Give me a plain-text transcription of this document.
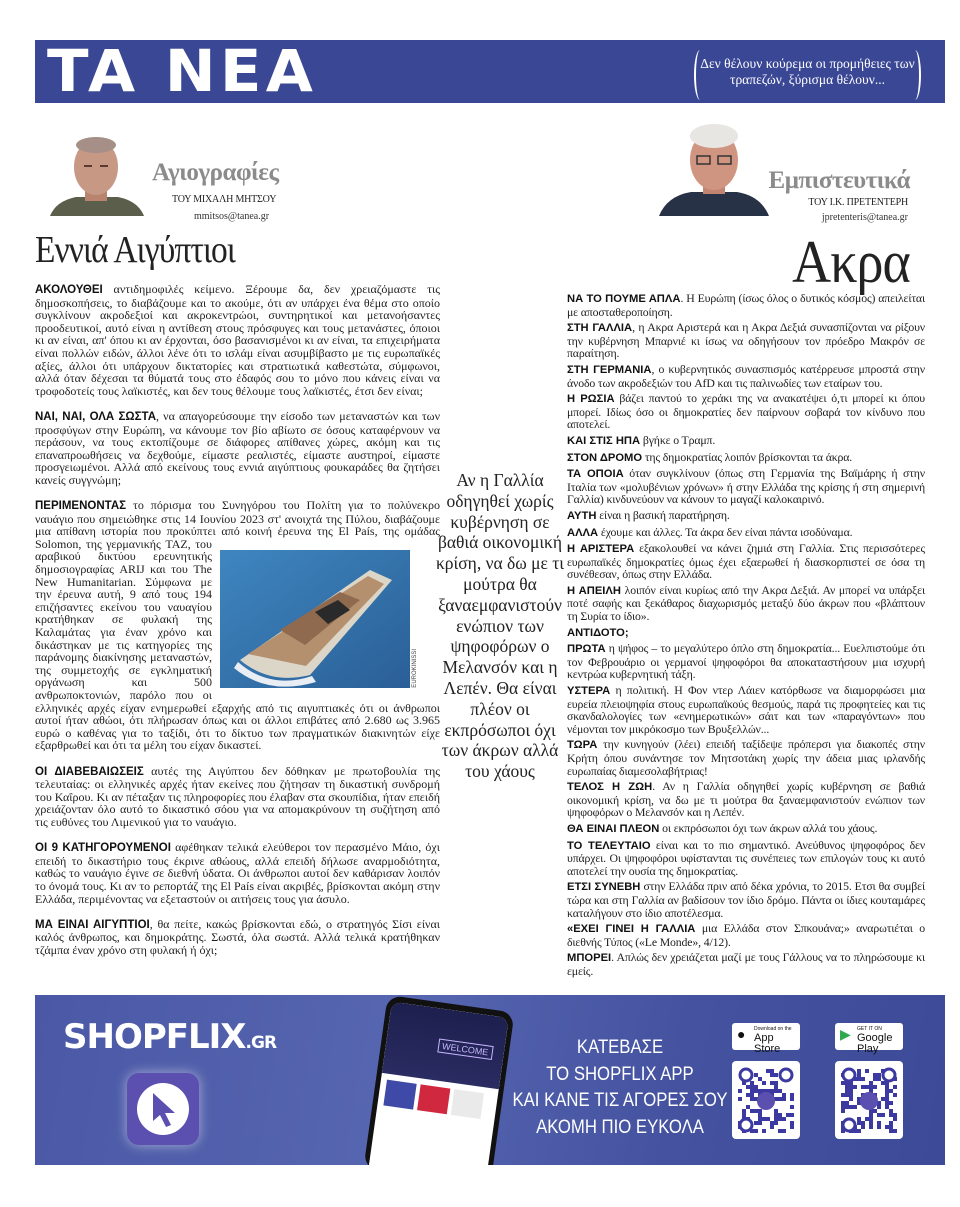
TA NEA	Δεν θέλουν κούρεμα οι προμήθειες των τραπεζών, ξύρισμα θέλουν...
Αγιογραφίες
ΤΟΥ ΜΙΧΑΛΗ ΜΗΤΣΟΥ
mmitsos@tanea.gr
Εννιά Αιγύπτιοι

ΑΚΟΛΟΥΘΕΙ αντιδημοφιλές κείμενο. Ξέρουμε δα, δεν χρειαζόμαστε τις δημοσκοπήσεις, το διαβάζουμε και το ακούμε, ότι αν υπάρχει ένα θέμα στο οποίο συγκλίνουν ακροδεξιοί και ακροκεντρώοι, συντηρητικοί και μετανοήσαντες προοδευτικοί, αυτό είναι η αντίθεση στους πρόσφυγες και τους μετανάστες, όποιοι κι αν είναι, απ' όπου κι αν έρχονται, όσο βασανισμένοι κι αν είναι, τα επιχειρήματα είναι πολλών ειδών, άλλοι λένε ότι το ισλάμ είναι ασυμβίβαστο με τις ευρωπαϊκές αξίες, άλλοι ότι υπάρχουν δικτατορίες και στρατιωτικά καθεστώτα, σύμφωνοι, αλλά όταν δέχεσαι τα θύματά τους στο έδαφός σου το μόνο που κάνεις είναι να τροφοδοτείς τους λαϊκιστές, και δεν τους θέλουμε τους λαϊκιστές, έτσι δεν είναι;

ΝΑΙ, ΝΑΙ, ΟΛΑ ΣΩΣΤΑ, να απαγορεύσουμε την είσοδο των μεταναστών και των προσφύγων στην Ευρώπη, να κάνουμε τον βίο αβίωτο σε όσους καταφέρνουν να περάσουν, να τους εκτοπίζουμε σε διάφορες απίθανες χώρες, ακόμη και τις επαναπροωθήσεις να δεχθούμε, είμαστε ρεαλιστές, είμαστε αυστηροί, είμαστε προσγειωμένοι. Αλλά από εκείνους τους εννιά αιγύπτιους φουκαράδες θα ζητήσει κανείς συγγνώμη;

ΠΕΡΙΜΕΝΟΝΤΑΣ το πόρισμα του Συνηγόρου του Πολίτη για το πολύνεκρο ναυάγιο που σημειώθηκε στις 14 Ιουνίου 2023 στ' ανοιχτά της Πύλου, διαβάζουμε μια απίθανη ιστορία που προκύπτει από κοινή έρευνα
EUROKINISSI
της El País, της ομάδας Solomon, της γερμανικής TAZ, του αραβικού δικτύου ερευνητικής δημοσιογραφίας ARIJ και του The New Humanitarian. Σύμφωνα με την έρευνα αυτή, 9 από τους 194 επιζήσαντες εκείνου του ναυαγίου κρατήθηκαν σε φυλακή της Καλαμάτας για έναν χρόνο και δικάστηκαν με τις κατηγορίες της παράνομης διακίνησης μεταναστών, της συμμετοχής σε εγκληματική οργάνωση και 500 ανθρωποκτονιών, παρόλο που οι ελληνικές αρχές είχαν ενημερωθεί εξαρχής από τις αιγυπτιακές ότι οι άνθρωποι αυτοί ήταν αθώοι, ότι πλήρωσαν όπως και οι άλλοι επιβάτες από 2.680 ως 3.965 ευρώ ο καθένας για το ταξίδι, ότι το δίκτυο των πραγματικών διακινητών είχε εξαρθρωθεί και ότι τα μέλη του είχαν δικαστεί.

ΟΙ ΔΙΑΒΕΒΑΙΩΣΕΙΣ αυτές της Αιγύπτου δεν δόθηκαν με πρωτοβουλία της τελευταίας: οι ελληνικές αρχές ήταν εκείνες που ζήτησαν τη δικαστική συνδρομή του Καΐρου. Κι αν πέταξαν τις πληροφορίες που έλαβαν στα σκουπίδια, ήταν επειδή χρειάζονταν όλο αυτό το δικαστικό σόου για να απομακρύνουν τη συζήτηση από τις ευθύνες του Λιμενικού για το ναυάγιο.

ΟΙ 9 ΚΑΤΗΓΟΡΟΥΜΕΝΟΙ αφέθηκαν τελικά ελεύθεροι τον περασμένο Μάιο, όχι επειδή το δικαστήριο τους έκρινε αθώους, αλλά επειδή δήλωσε αναρμοδιότητα, καθώς το ναυάγιο έγινε σε διεθνή ύδατα. Οι άνθρωποι αυτοί δεν καθάρισαν λοιπόν το όνομά τους. Κι αν το ρεπορτάζ της El País είναι ακριβές, βρίσκονται ακόμη στην Ελλάδα, περιμένοντας να εξεταστούν οι αιτήσεις τους για άσυλο.

ΜΑ ΕΙΝΑΙ ΑΙΓΥΠΤΙΟΙ, θα πείτε, κακώς βρίσκονται εδώ, ο στρατηγός Σίσι είναι καλός άνθρωπος, και δημοκράτης. Σωστά, όλα σωστά. Αλλά τελικά κρατήθηκαν τζάμπα έναν χρόνο στη φυλακή ή όχι;

Αν η Γαλλία οδηγηθεί χωρίς κυβέρνηση σε βαθιά οικονομική κρίση, να δω με τι μούτρα θα ξαναεμφανιστούν ενώπιον των ψηφοφόρων ο Μελανσόν και η Λεπέν. Θα είναι πλέον οι εκπρόσωποι όχι των άκρων αλλά του χάους
Εμπιστευτικά
ΤΟΥ Ι.Κ. ΠΡΕΤΕΝΤΕΡΗ
jpretenteris@tanea.gr
Ακρα

ΝΑ ΤΟ ΠΟΥΜΕ ΑΠΛΑ. Η Ευρώπη (ίσως όλος ο δυτικός κόσμος) απειλείται με αποσταθεροποίηση.

ΣΤΗ ΓΑΛΛΙΑ, η Ακρα Αριστερά και η Ακρα Δεξιά συνασπίζονται να ρίξουν την κυβέρνηση Μπαρνιέ κι ίσως να οδηγήσουν τον πρόεδρο Μακρόν σε παραίτηση.

ΣΤΗ ΓΕΡΜΑΝΙΑ, ο κυβερνητικός συνασπισμός κατέρρευσε μπροστά στην άνοδο των ακροδεξιών του AfD και τις παλινωδίες των εταίρων του.

Η ΡΩΣΙΑ βάζει παντού το χεράκι της να ανακατέψει ό,τι μπορεί κι όπου μπορεί. Ιδίως όσο οι δημοκρατίες δεν παίρνουν σοβαρά τον κίνδυνο που αποτελεί.

ΚΑΙ ΣΤΙΣ ΗΠΑ βγήκε ο Τραμπ.

ΣΤΟΝ ΔΡΟΜΟ της δημοκρατίας λοιπόν βρίσκονται τα άκρα.

ΤΑ ΟΠΟΙΑ όταν συγκλίνουν (όπως στη Γερμανία της Βαϊμάρης ή στην Ιταλία των «μολυβένιων χρόνων» ή στην Ελλάδα της κρίσης ή στη σημερινή Γαλλία) κινδυνεύουν να κάνουν το μαγαζί καλοκαιρινό.

ΑΥΤΗ είναι η βασική παρατήρηση.

ΑΛΛΑ έχουμε και άλλες. Τα άκρα δεν είναι πάντα ισοδύναμα.

Η ΑΡΙΣΤΕΡΑ εξακολουθεί να κάνει ζημιά στη Γαλλία. Στις περισσότερες ευρωπαϊκές δημοκρατίες όμως έχει εξαερωθεί ή διασκορπιστεί σε όσα τη συνέθεσαν, όπως στην Ελλάδα.

Η ΑΠΕΙΛΗ λοιπόν είναι κυρίως από την Ακρα Δεξιά. Αν μπορεί να υπάρξει ποτέ σαφής και ξεκάθαρος διαχωρισμός μεταξύ δύο άκρων που «βλάπτουν τη Συρία το ίδιο».

ΑΝΤΙΔΟΤΟ;

ΠΡΩΤΑ η ψήφος – το μεγαλύτερο όπλο στη δημοκρατία... Ευελπιστούμε ότι τον Φεβρουάριο οι γερμανοί ψηφοφόροι θα αποκαταστήσουν μια ισχυρή κεντρώα κυβερνητική τάξη.

ΥΣΤΕΡΑ η πολιτική. Η Φον ντερ Λάιεν κατόρθωσε να διαμορφώσει μια ευρεία πλειοψηφία στους ευρωπαϊκούς θεσμούς, παρά τις προφητείες και τις σκανδαλολογίες των «ενημερωτικών» σάιτ και των «παραγόντων» που νέμονται τον μικρόκοσμο των Βρυξελλών...

ΤΩΡΑ την κυνηγούν (λέει) επειδή ταξίδεψε πρόπερσι για διακοπές στην Κρήτη όπου συνάντησε τον Μητσοτάκη χωρίς την άδεια μιας ιρλανδής ευρωπαίας διαμεσολαβήτριας!

ΤΕΛΟΣ Η ΖΩΗ. Αν η Γαλλία οδηγηθεί χωρίς κυβέρνηση σε βαθιά οικονομική κρίση, να δω με τι μούτρα θα ξαναεμφανιστούν ενώπιον των ψηφοφόρων ο Μελανσόν και η Λεπέν.

ΘΑ ΕΙΝΑΙ ΠΛΕΟΝ οι εκπρόσωποι όχι των άκρων αλλά του χάους.

ΤΟ ΤΕΛΕΥΤΑΙΟ είναι και το πιο σημαντικό. Ανεύθυνος ψηφοφόρος δεν υπάρχει. Οι ψηφοφόροι υφίστανται τις συνέπειες των επιλογών τους κι αυτό αποτελεί την ουσία της δημοκρατίας.

ΕΤΣΙ ΣΥΝΕΒΗ στην Ελλάδα πριν από δέκα χρόνια, το 2015. Ετσι θα συμβεί τώρα και στη Γαλλία αν βαδίσουν τον ίδιο δρόμο. Πάντα οι ίδιες κουταμάρες καταλήγουν στο ίδιο αποτέλεσμα.

«ΕΧΕΙ ΓΙΝΕΙ Η ΓΑΛΛΙΑ μια Ελλάδα στον Σπκουάνα;» αναρωτιέται ο διεθνής Τύπος («Le Monde», 4/12).

ΜΠΟΡΕΙ. Απλώς δεν χρειάζεται μαζί με τους Γάλλους να το πληρώσουμε κι εμείς.

SHOPFLIX.GR	WELCOME	ΚΑΤΕΒΑΣΕ
ΤΟ SHOPFLIX APP
ΚΑΙ ΚΑΝΕ ΤΙΣ ΑΓΟΡΕΣ ΣΟΥ
ΑΚΟΜΗ ΠΙΟ ΕΥΚΟΛΑ
● Download on the
App Store
▶ GET IT ON
Google Play
